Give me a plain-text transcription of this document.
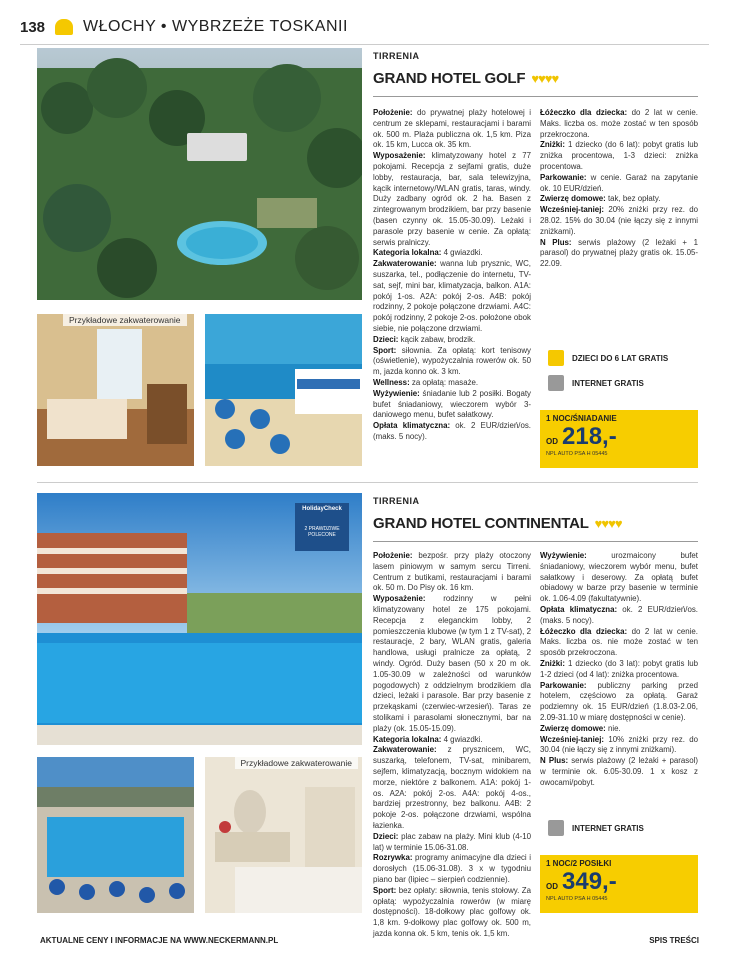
138 WŁOCHY • WYBRZEŻE TOSKANII
Przykładowe zakwaterowanie
TIRRENIA
GRAND HOTEL GOLF ♥♥♥♥

Położenie: do prywatnej plaży hotelowej i centrum ze sklepami, restauracjami i barami ok. 500 m. Plaża publiczna ok. 1,5 km. Piza ok. 15 km, Lucca ok. 35 km.

Wyposażenie: klimatyzowany hotel z 77 pokojami. Recepcja z sejfami gratis, duże lobby, restauracja, bar, sala telewizyjna, kącik internetowy/WLAN gratis, taras, windy. Duży zadbany ogród ok. 2 ha. Basen z zintegrowanym brodzikiem, bar przy basenie (basen czynny ok. 15.05-30.09). Leżaki i parasole przy basenie w cenie. Za opłatą: serwis pralniczy.

Kategoria lokalna: 4 gwiazdki.

Zakwaterowanie: wanna lub prysznic, WC, suszarka, tel., podłączenie do internetu, TV-sat, sejf, mini bar, klimatyzacja, balkon. A1A: pokój 1-os. A2A: pokój 2-os. A4B: pokój rodzinny, 2 pokoje połączone drzwiami. A4C: pokój rodzinny, 2 pokoje 2-os. położone obok siebie, nie połączone drzwiami.

Dzieci: kącik zabaw, brodzik.

Sport: siłownia. Za opłatą: kort tenisowy (oświetlenie), wypożyczalnia rowerów ok. 50 m, jazda konno ok. 3 km.

Wellness: za opłatą: masaże.

Wyżywienie: śniadanie lub 2 posiłki. Bogaty bufet śniadaniowy, wieczorem wybór 3-daniowego menu, bufet sałatkowy.

Opłata klimatyczna: ok. 2 EUR/dzień/os. (maks. 5 nocy).

Łóżeczko dla dziecka: do 2 lat w cenie. Maks. liczba os. może zostać w ten sposób przekroczona.

Zniżki: 1 dziecko (do 6 lat): pobyt gratis lub zniżka procentowa, 1-3 dzieci: zniżka procentowa.

Parkowanie: w cenie. Garaż na zapytanie ok. 10 EUR/dzień.

Zwierzę domowe: tak, bez opłaty.

Wcześniej-taniej: 20% zniżki przy rez. do 28.02. 15% do 30.04 (nie łączy się z innymi zniżkami).

N Plus: serwis plażowy (2 leżaki + 1 parasol) do prywatnej plaży gratis ok. 15.05-22.09.

DZIECI DO 6 LAT GRATIS
INTERNET GRATIS
1 NOC/ŚNIADANIE
OD 218,-
NPL AUTO PSA H 05445
HolidayCheck
2 PRAWDZIWE POLECONE
Przykładowe zakwaterowanie
TIRRENIA
GRAND HOTEL CONTINENTAL ♥♥♥♥

Położenie: bezpośr. przy plaży otoczony lasem piniowym w samym sercu Tirreni. Centrum z butikami, restauracjami i barami ok. 50 m. Do Pisy ok. 16 km.

Wyposażenie: rodzinny w pełni klimatyzowany hotel ze 175 pokojami. Recepcja z eleganckim lobby, 2 pomieszczenia klubowe (w tym 1 z TV-sat), 2 restauracje, 2 bary, WLAN gratis, galeria handlowa, usługi pralnicze za opłatą, 2 windy. Ogród. Duży basen (50 x 20 m ok. 1.05-30.09 w zależności od warunków pogodowych) z oddzielnym brodzikiem dla dzieci, leżaki i parasole. Bar przy basenie z przekąskami (czerwiec-wrzesień). Taras ze stolikami i parasolami słonecznymi, bar na plaży (ok. 15.05-15.09).

Kategoria lokalna: 4 gwiazdki.

Zakwaterowanie: z prysznicem, WC, suszarką, telefonem, TV-sat, minibarem, sejfem, klimatyzacją, bocznym widokiem na morze, niektóre z balkonem. A1A: pokój 1-os. A2A: pokój 2-os. A4A: pokój 4-os., bardziej przestronny, bez balkonu. A4B: 2 pokoje 2-os. połączone drzwiami, wspólna łazienka.

Dzieci: plac zabaw na plaży. Mini klub (4-10 lat) w terminie 15.06-31.08.

Rozrywka: programy animacyjne dla dzieci i dorosłych (15.06-31.08). 3 x w tygodniu piano bar (lipiec – sierpień codziennie).

Sport: bez opłaty: siłownia, tenis stołowy. Za opłatą: wypożyczalnia rowerów (w miarę dostępności). 18-dołkowy plac golfowy ok. 1,8 km. 9-dołkowy plac golfowy ok. 500 m, jazda konna ok. 5 km, tenis ok. 1,5 km.

Wyżywienie: urozmaicony bufet śniadaniowy, wieczorem wybór menu, bufet sałatkowy i deserowy. Za opłatą bufet obiadowy w barze przy basenie w terminie ok. 1.06-4.09 (fakultatywnie).

Opłata klimatyczna: ok. 2 EUR/dzień/os. (maks. 5 nocy).

Łóżeczko dla dziecka: do 2 lat w cenie. Maks. liczba os. nie może zostać w ten sposób przekroczona.

Zniżki: 1 dziecko (do 3 lat): pobyt gratis lub 1-2 dzieci (od 4 lat): zniżka procentowa.

Parkowanie: publiczny parking przed hotelem, częściowo za opłatą. Garaż podziemny ok. 15 EUR/dzień (1.8.03-2.06, 2.09-31.10 w miarę dostępności w cenie).

Zwierzę domowe: nie.

Wcześniej-taniej: 10% zniżki przy rez. do 30.04 (nie łączy się z innymi zniżkami).

N Plus: serwis plażowy (2 leżaki + parasol) w terminie ok. 6.05-30.09. 1 x kosz z owocami/pobyt.

INTERNET GRATIS
1 NOC/2 POSIŁKI
OD 349,-
NPL AUTO PSA H 05445
AKTUALNE CENY I INFORMACJE NA WWW.NECKERMANN.PL	SPIS TREŚCI
